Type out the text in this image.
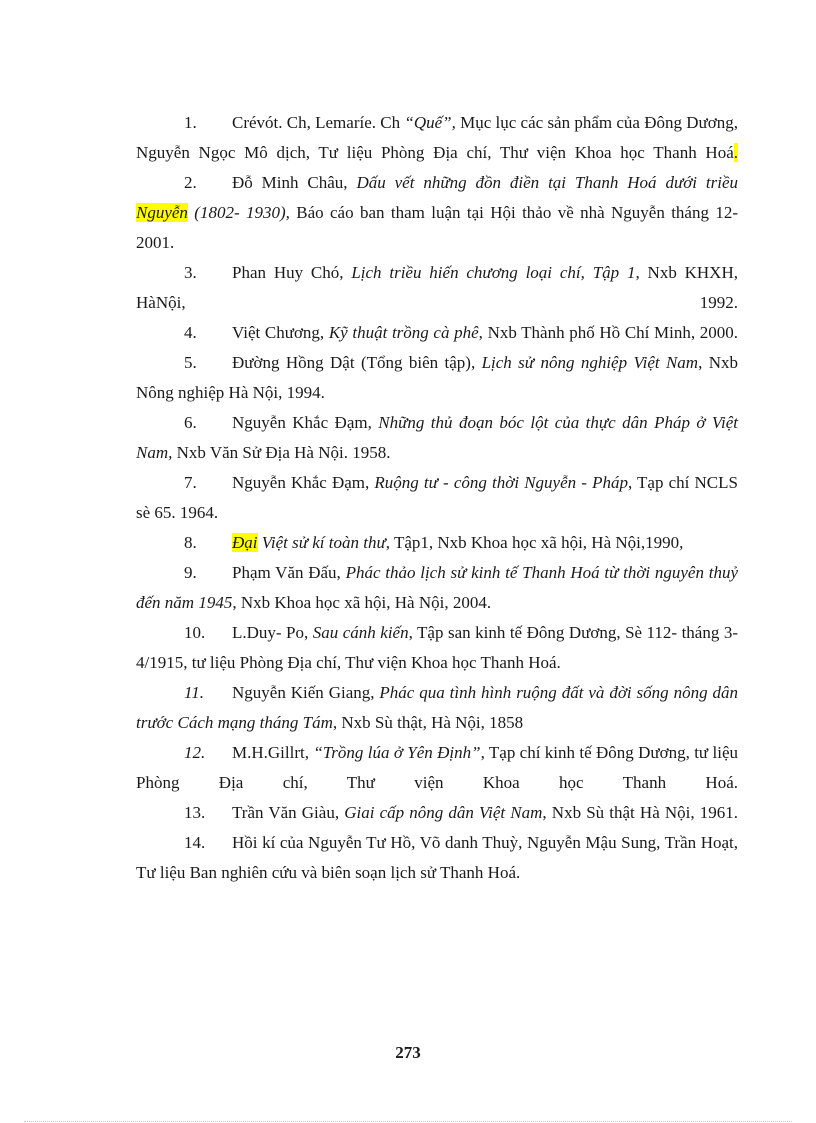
1. Crévót. Ch, Lemaríe. Ch “Quế”, Mục lục các sản phẩm của Đông Dương, Nguyễn Ngọc Mô dịch, Tư liệu Phòng Địa chí, Thư viện Khoa học Thanh Hoá.

2. Đỗ Minh Châu, Dấu vết những đồn điền tại Thanh Hoá dưới triều Nguyễn (1802- 1930), Báo cáo ban tham luận tại Hội thảo về nhà Nguyễn tháng 12-2001.

3. Phan Huy Chó, Lịch triều hiến chương loại chí, Tập 1, Nxb KHXH, HàNội, 1992.

4. Việt Chương, Kỹ thuật trồng cà phê, Nxb Thành phố Hồ Chí Minh, 2000.

5. Đường Hồng Dật (Tổng biên tập), Lịch sử nông nghiệp Việt Nam, Nxb Nông nghiệp Hà Nội, 1994.

6. Nguyễn Khắc Đạm, Những thủ đoạn bóc lột của thực dân Pháp ở Việt Nam, Nxb Văn Sử Địa Hà Nội. 1958.

7. Nguyễn Khắc Đạm, Ruộng tư - công thời Nguyễn - Pháp, Tạp chí NCLS sè 65. 1964.

8. Đại Việt sử kí toàn thư, Tập1, Nxb Khoa học xã hội, Hà Nội,1990,

9. Phạm Văn Đấu, Phác thảo lịch sử kinh tế Thanh Hoá từ thời nguyên thuỷ đến năm 1945, Nxb Khoa học xã hội, Hà Nội, 2004.

10. L.Duy- Po, Sau cánh kiến, Tập san kinh tế Đông Dương, Sè 112- tháng 3-4/1915, tư liệu Phòng Địa chí, Thư viện Khoa học Thanh Hoá.

11. Nguyễn Kiến Giang, Phác qua tình hình ruộng đất và đời sống nông dân trước Cách mạng tháng Tám, Nxb Sù thật, Hà Nội, 1858

12. M.H.Gillrt, “Trồng lúa ở Yên Định”, Tạp chí kinh tế Đông Dương, tư liệu Phòng Địa chí, Thư viện Khoa học Thanh Hoá.

13. Trần Văn Giàu, Giai cấp nông dân Việt Nam, Nxb Sù thật Hà Nội, 1961.

14. Hồi kí của Nguyễn Tư Hồ, Võ danh Thuỳ, Nguyễn Mậu Sung, Trần Hoạt, Tư liệu Ban nghiên cứu và biên soạn lịch sử Thanh Hoá.

273
